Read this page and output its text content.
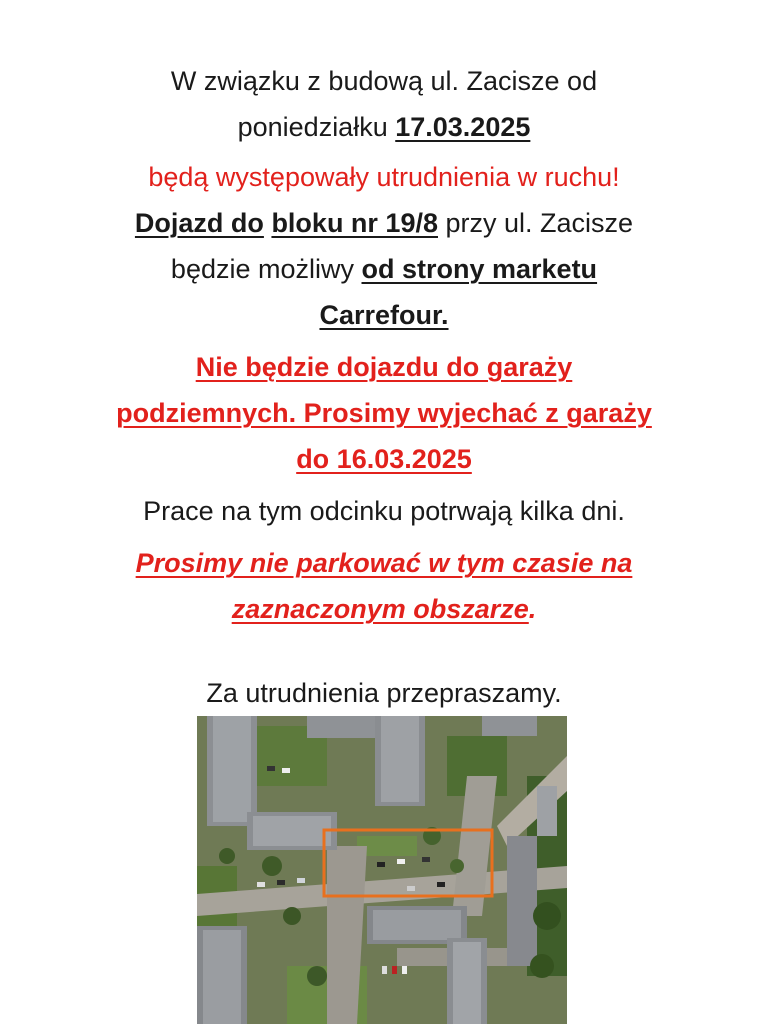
W związku z budową ul. Zacisze od

poniedziałku 17.03.2025

będą występowały utrudnienia w ruchu!

Dojazd do bloku nr 19/8 przy ul. Zacisze

będzie możliwy od strony marketu

Carrefour.

Nie będzie dojazdu do garaży

podziemnych. Prosimy wyjechać z garaży

do 16.03.2025

Prace na tym odcinku potrwają kilka dni.

Prosimy nie parkować w tym czasie na

zaznaczonym obszarze.

Za utrudnienia przepraszamy.
